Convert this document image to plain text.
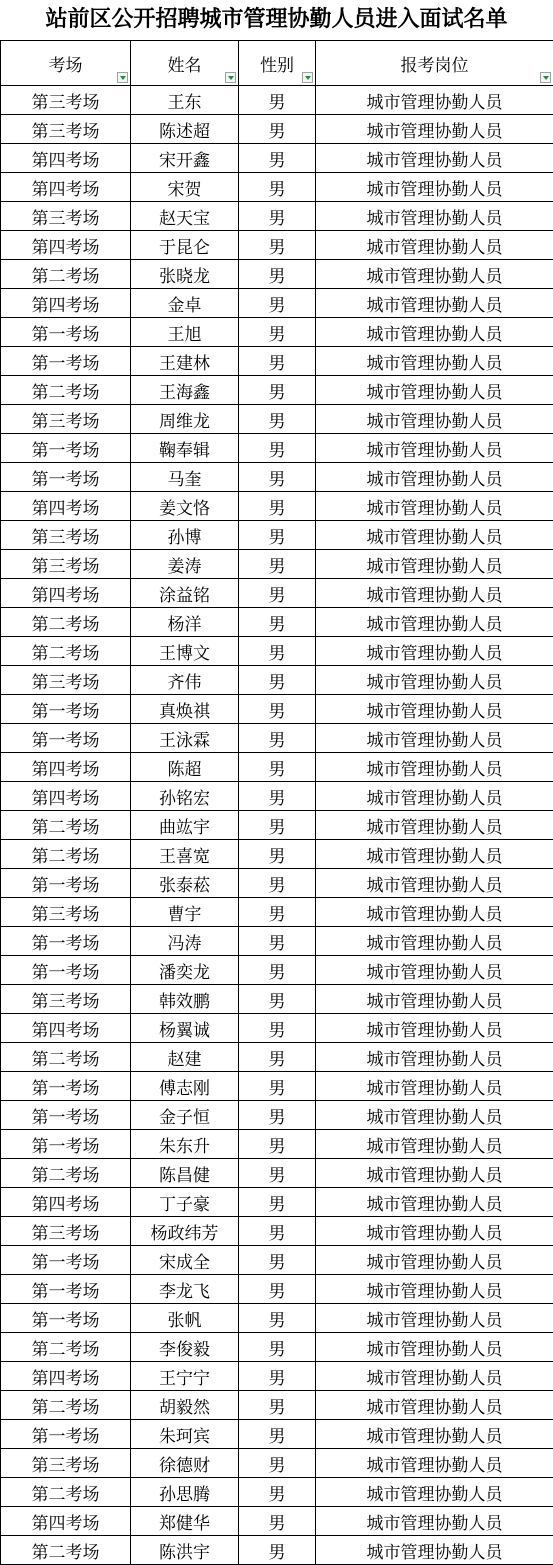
站前区公开招聘城市管理协勤人员进入面试名单
考场	姓名	性别	报考岗位

第三考场	王东	男	城市管理协勤人员
第三考场	陈述超	男	城市管理协勤人员
第四考场	宋开鑫	男	城市管理协勤人员
第四考场	宋贺	男	城市管理协勤人员
第三考场	赵天宝	男	城市管理协勤人员
第四考场	于昆仑	男	城市管理协勤人员
第二考场	张晓龙	男	城市管理协勤人员
第四考场	金卓	男	城市管理协勤人员
第一考场	王旭	男	城市管理协勤人员
第一考场	王建林	男	城市管理协勤人员
第二考场	王海鑫	男	城市管理协勤人员
第三考场	周维龙	男	城市管理协勤人员
第一考场	鞠奉辑	男	城市管理协勤人员
第一考场	马奎	男	城市管理协勤人员
第四考场	姜文恪	男	城市管理协勤人员
第三考场	孙博	男	城市管理协勤人员
第三考场	姜涛	男	城市管理协勤人员
第四考场	涂益铭	男	城市管理协勤人员
第二考场	杨洋	男	城市管理协勤人员
第二考场	王博文	男	城市管理协勤人员
第三考场	齐伟	男	城市管理协勤人员
第一考场	真焕祺	男	城市管理协勤人员
第一考场	王泳霖	男	城市管理协勤人员
第四考场	陈超	男	城市管理协勤人员
第四考场	孙铭宏	男	城市管理协勤人员
第二考场	曲竑宇	男	城市管理协勤人员
第二考场	王喜宽	男	城市管理协勤人员
第一考场	张泰菘	男	城市管理协勤人员
第三考场	曹宇	男	城市管理协勤人员
第一考场	冯涛	男	城市管理协勤人员
第一考场	潘奕龙	男	城市管理协勤人员
第三考场	韩效鹏	男	城市管理协勤人员
第四考场	杨翼诚	男	城市管理协勤人员
第二考场	赵建	男	城市管理协勤人员
第一考场	傅志刚	男	城市管理协勤人员
第一考场	金子恒	男	城市管理协勤人员
第一考场	朱东升	男	城市管理协勤人员
第二考场	陈昌健	男	城市管理协勤人员
第四考场	丁子豪	男	城市管理协勤人员
第三考场	杨政纬芳	男	城市管理协勤人员
第一考场	宋成全	男	城市管理协勤人员
第一考场	李龙飞	男	城市管理协勤人员
第一考场	张帆	男	城市管理协勤人员
第二考场	李俊毅	男	城市管理协勤人员
第四考场	王宁宁	男	城市管理协勤人员
第二考场	胡毅然	男	城市管理协勤人员
第一考场	朱珂宾	男	城市管理协勤人员
第三考场	徐德财	男	城市管理协勤人员
第二考场	孙思腾	男	城市管理协勤人员
第四考场	郑健华	男	城市管理协勤人员
第二考场	陈洪宇	男	城市管理协勤人员
